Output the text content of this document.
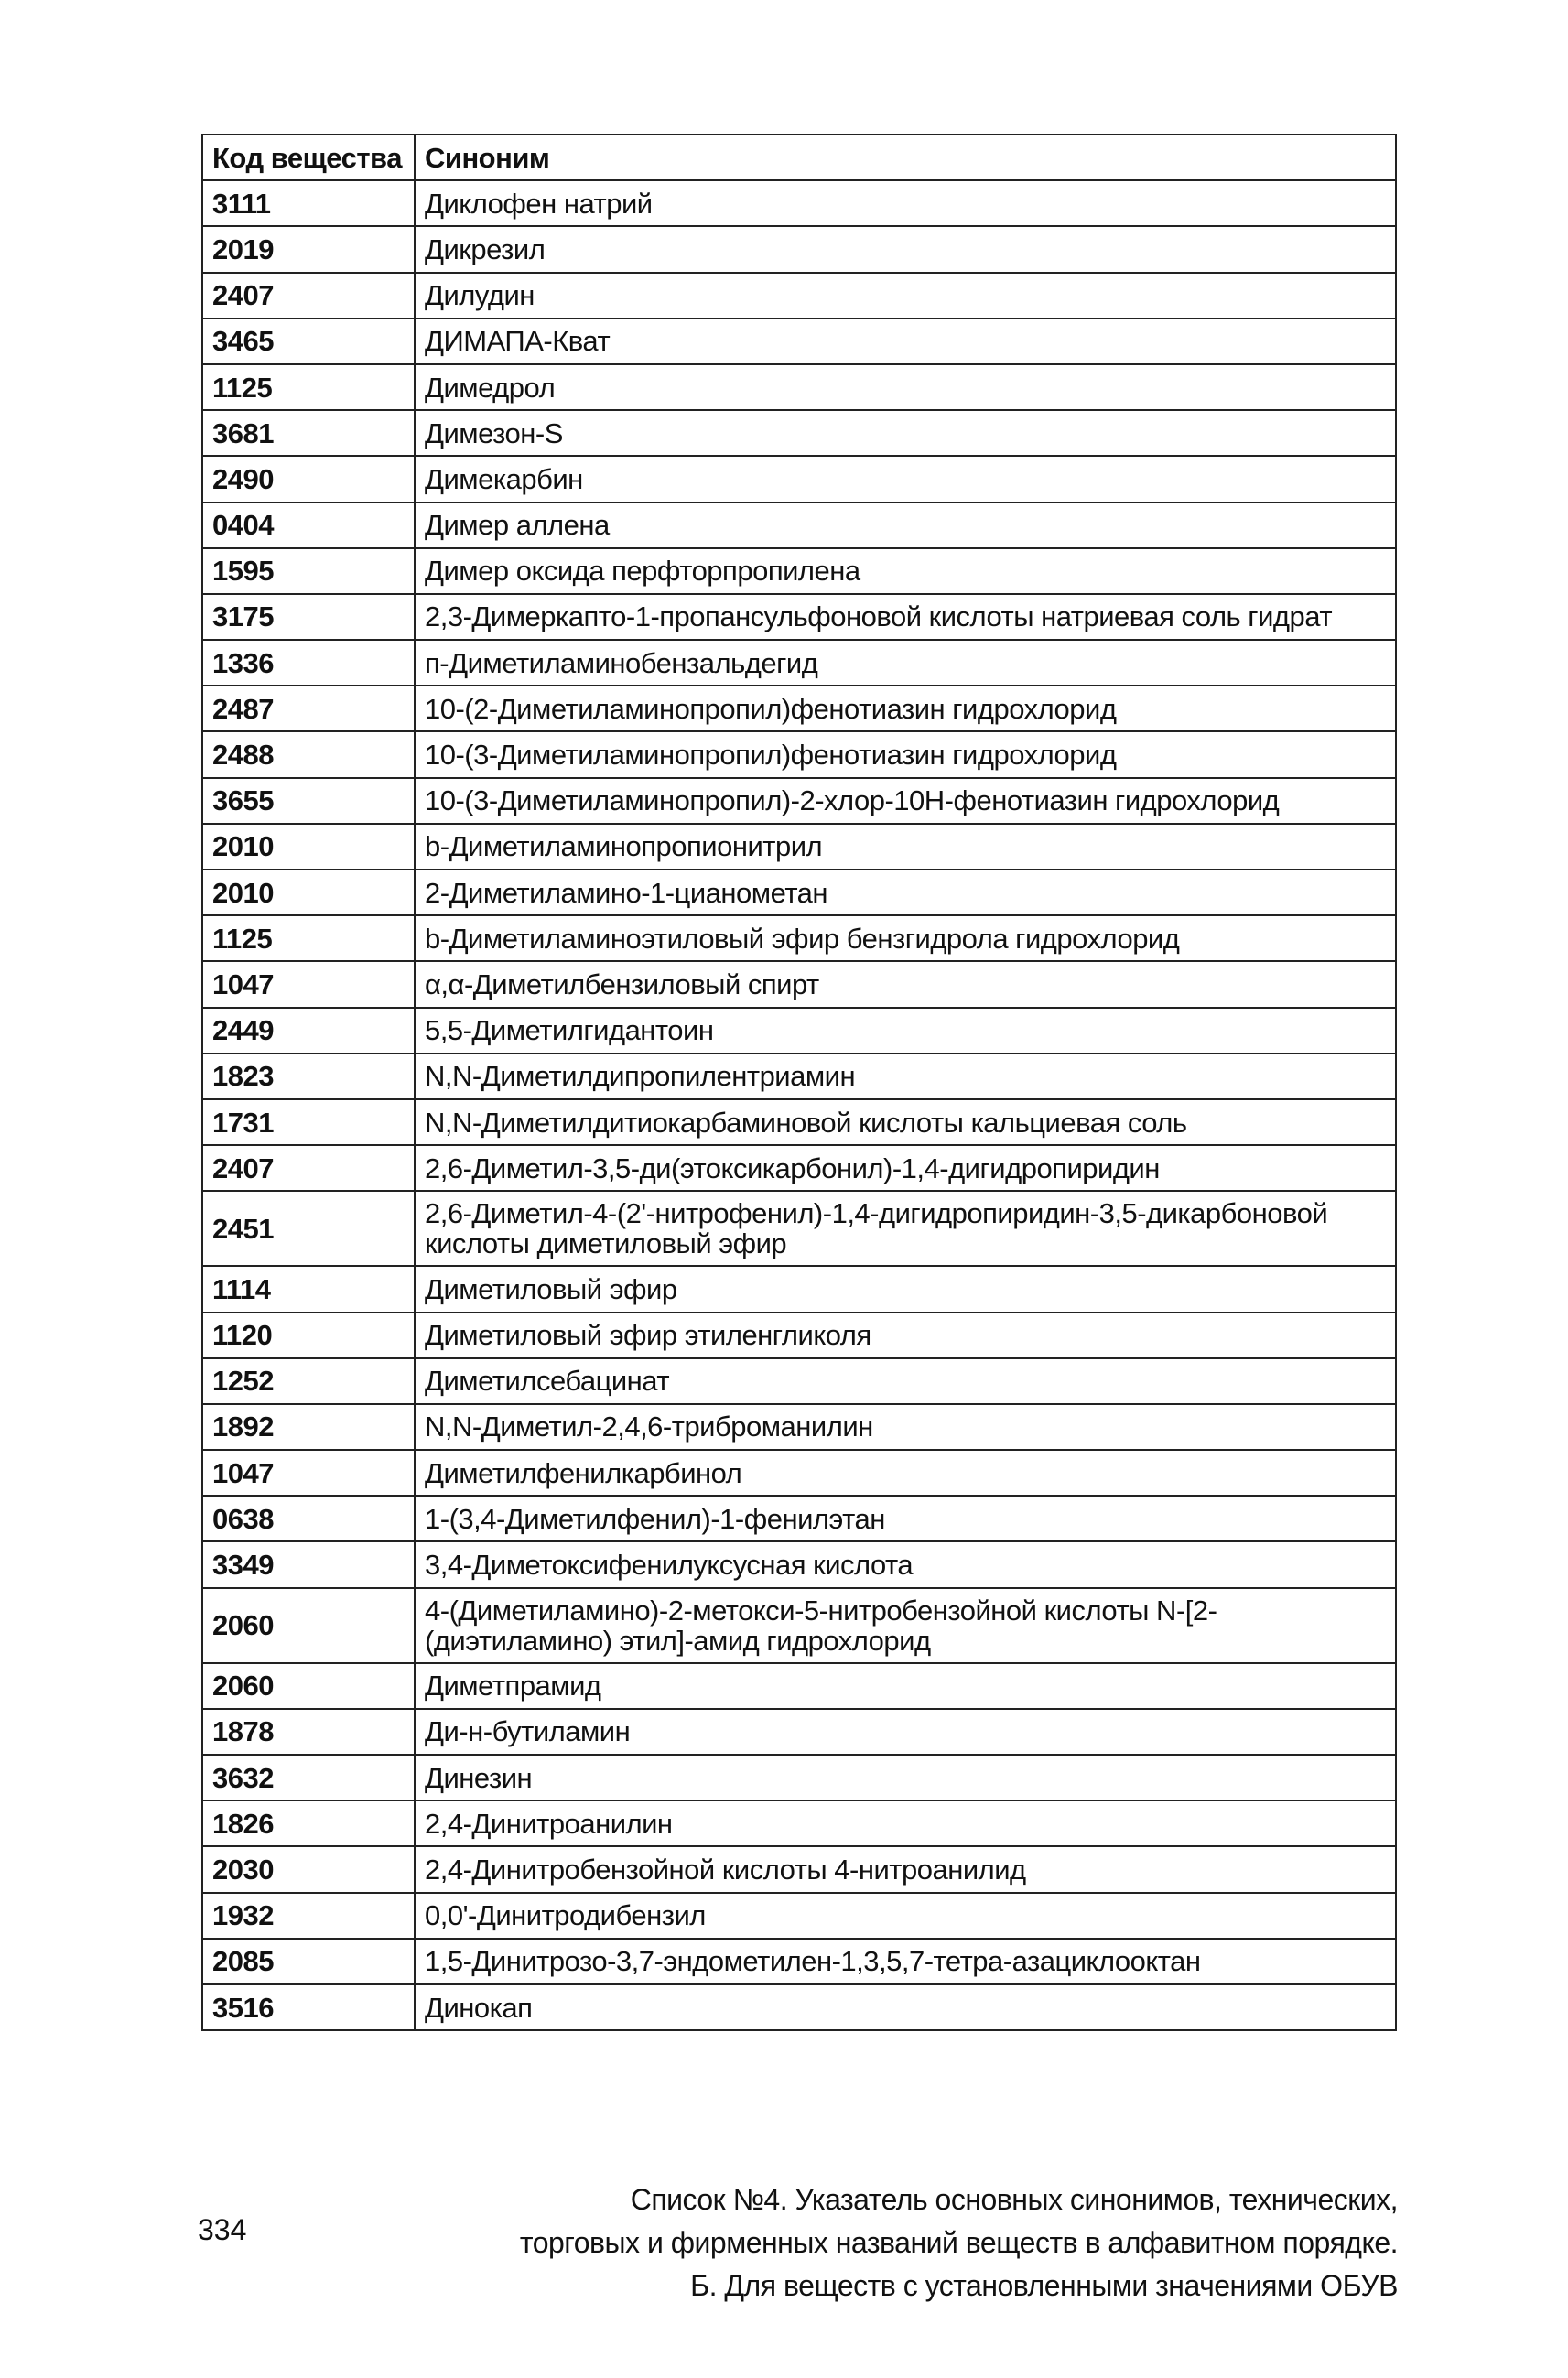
Код вещества	Синоним
3111	Диклофен натрий
2019	Дикрезил
2407	Дилудин
3465	ДИМАПА-Кват
1125	Димедрол
3681	Димезон-S
2490	Димекарбин
0404	Димер аллена
1595	Димер оксида перфторпропилена
3175	2,3-Димеркапто-1-пропансульфоновой кислоты натриевая соль гидрат
1336	п-Диметиламинобензальдегид
2487	10-(2-Диметиламинопропил)фенотиазин гидрохлорид
2488	10-(3-Диметиламинопропил)фенотиазин гидрохлорид
3655	10-(3-Диметиламинопропил)-2-хлор-10Н-фенотиазин гидрохлорид
2010	b-Диметиламинопропионитрил
2010	2-Диметиламино-1-цианометан
1125	b-Диметиламиноэтиловый эфир бензгидрола гидрохлорид
1047	α,α-Диметилбензиловый спирт
2449	5,5-Диметилгидантоин
1823	N,N-Диметилдипропилентриамин
1731	N,N-Диметилдитиокарбаминовой кислоты кальциевая соль
2407	2,6-Диметил-3,5-ди(этоксикарбонил)-1,4-дигидропиридин
2451	2,6-Диметил-4-(2'-нитрофенил)-1,4-дигидропиридин-3,5-дикарбоновой кислоты диметиловый эфир
1114	Диметиловый эфир
1120	Диметиловый эфир этиленгликоля
1252	Диметилсебацинат
1892	N,N-Диметил-2,4,6-триброманилин
1047	Диметилфенилкарбинол
0638	1-(3,4-Диметилфенил)-1-фенилэтан
3349	3,4-Диметоксифенилуксусная кислота
2060	4-(Диметиламино)-2-метокси-5-нитробензойной кислоты N-[2-(диэтиламино) этил]-амид гидрохлорид
2060	Диметпрамид
1878	Ди-н-бутиламин
3632	Динезин
1826	2,4-Динитроанилин
2030	2,4-Динитробензойной кислоты 4-нитроанилид
1932	0,0'-Динитродибензил
2085	1,5-Динитрозо-3,7-эндометилен-1,3,5,7-тетра-азациклооктан
3516	Динокап
334
Список №4. Указатель основных синонимов, технических,
торговых и фирменных названий веществ в алфавитном порядке.
Б. Для веществ с установленными значениями ОБУВ
